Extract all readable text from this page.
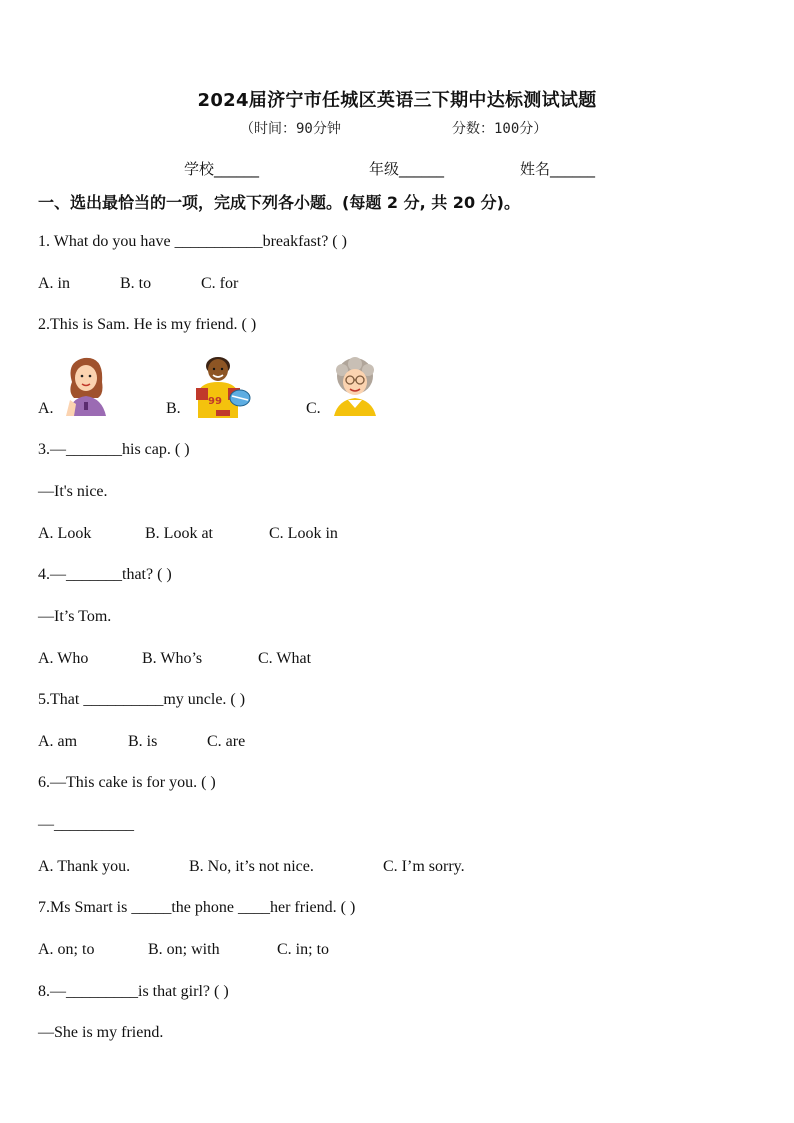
2024届济宁市任城区英语三下期中达标测试试题
（时间：90分钟	分数：100分）
学校______	年级______	姓名______
一、选出最恰当的一项，完成下列各小题。(每题 2 分, 共 20 分)。
1. What do you have ___________breakfast? ( )
A. in	B. to	C. for
2.This is Sam. He is my friend. ( )
A.	B.	C.
99
3.—_______his cap. ( )
—It's nice.
A. Look	B. Look at	C. Look in
4.—_______that? ( )
—It’s Tom.
A. Who	B. Who’s	C. What
5.That __________my uncle. ( )
A. am	B. is	C. are
6.—This cake is for you. ( )
—__________
A. Thank you.	B. No, it’s not nice.	C. I’m sorry.
7.Ms Smart is _____the phone ____her friend. ( )
A. on; to	B. on; with	C. in; to
8.—_________is that girl? ( )
—She is my friend.
